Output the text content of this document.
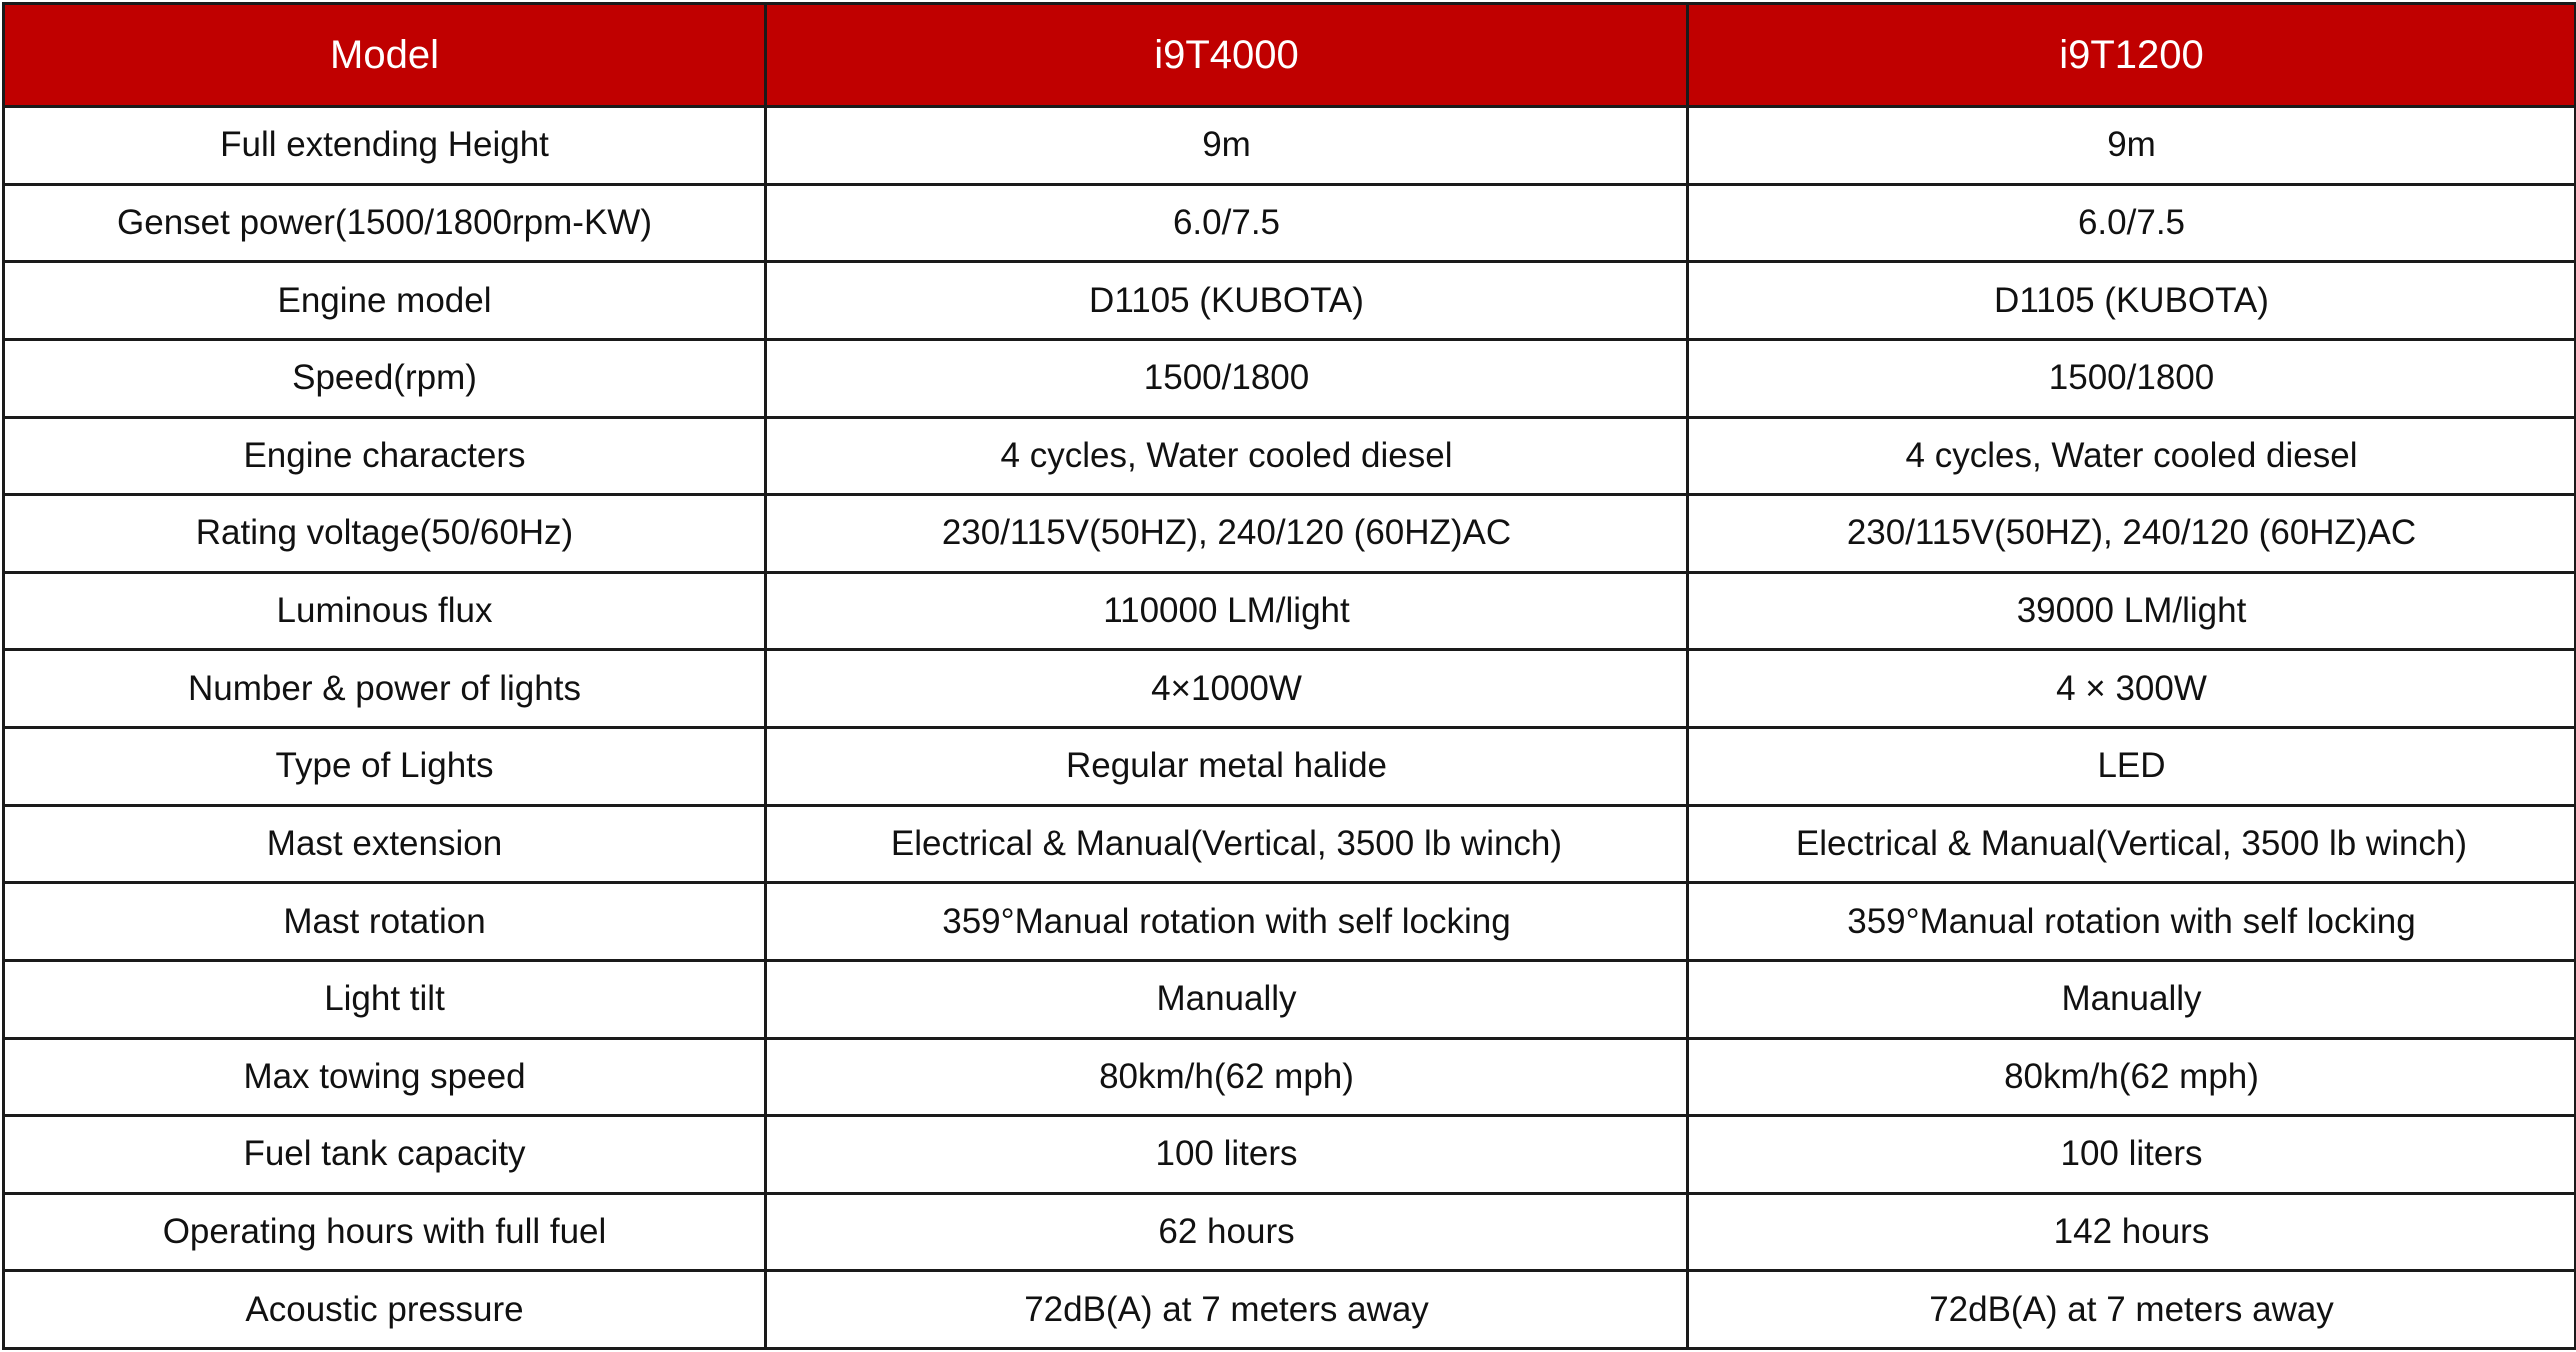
Model	i9T4000	i9T1200
Full extending Height	9m	9m
Genset power(1500/1800rpm-KW)	6.0/7.5	6.0/7.5
Engine model	D1105 (KUBOTA)	D1105 (KUBOTA)
Speed(rpm)	1500/1800	1500/1800
Engine characters	4 cycles, Water cooled diesel	4 cycles, Water cooled diesel
Rating voltage(50/60Hz)	230/115V(50HZ), 240/120 (60HZ)AC	230/115V(50HZ), 240/120 (60HZ)AC
Luminous flux	110000 LM/light	39000 LM/light
Number & power of lights	4×1000W	4 × 300W
Type of Lights	Regular metal halide	LED
Mast extension	Electrical & Manual(Vertical, 3500 lb winch)	Electrical & Manual(Vertical, 3500 lb winch)
Mast rotation	359°Manual rotation with self locking	359°Manual rotation with self locking
Light tilt	Manually	Manually
Max towing speed	80km/h(62 mph)	80km/h(62 mph)
Fuel tank capacity	100 liters	100 liters
Operating hours with full fuel	62 hours	142 hours
Acoustic pressure	72dB(A) at 7 meters away	72dB(A) at 7 meters away
